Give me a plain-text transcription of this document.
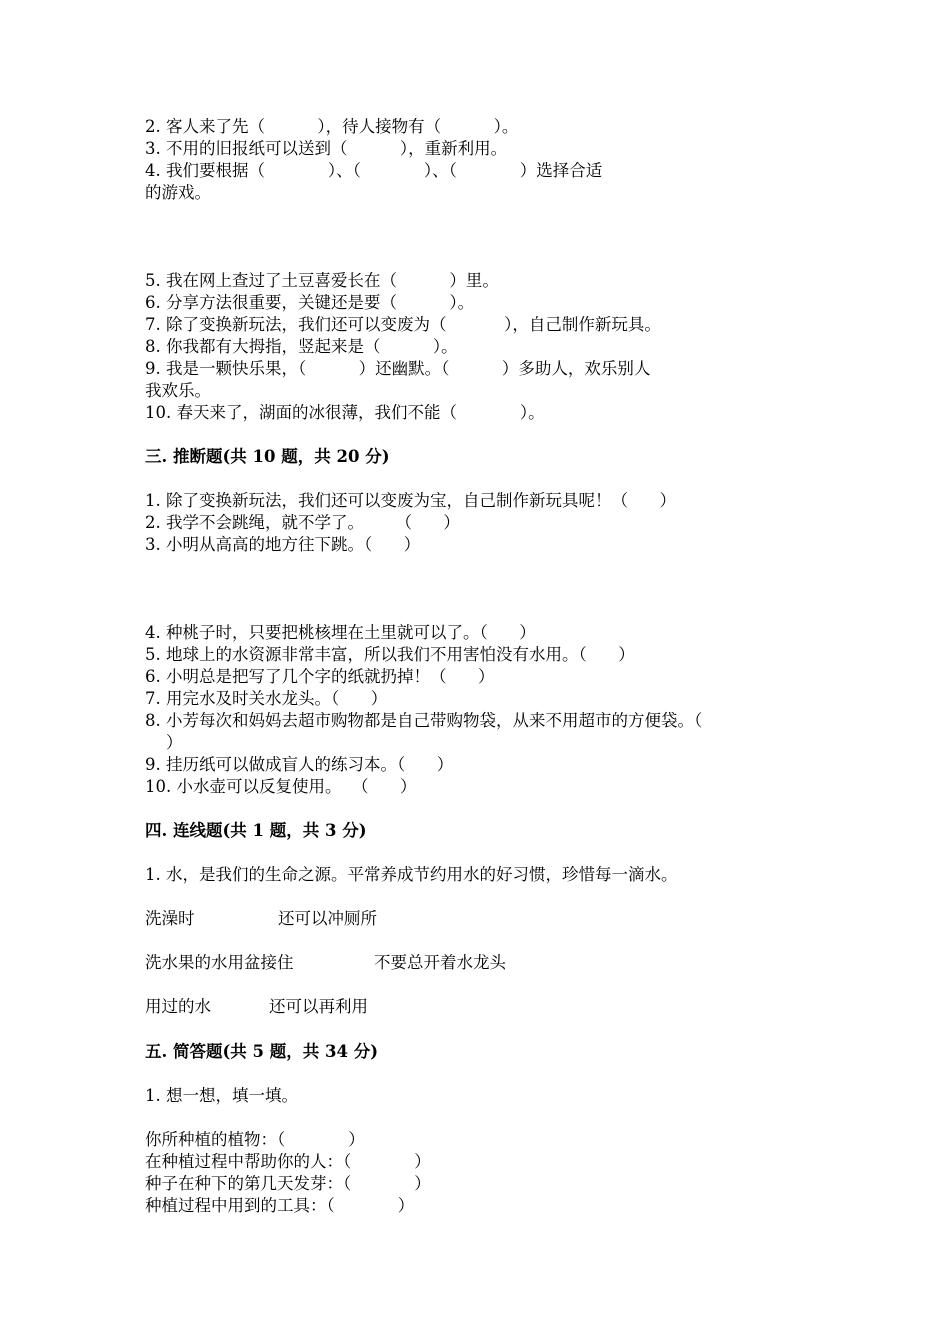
2. 客人来了先（          ），待人接物有（          ）。
3. 不用的旧报纸可以送到（          ），重新利用。
4. 我们要根据（            ）、（            ）、（            ）选择合适
的游戏。
5. 我在网上查过了土豆喜爱长在（          ）里。
6. 分享方法很重要，关键还是要（          ）。
7. 除了变换新玩法，我们还可以变废为（           ），自己制作新玩具。
8. 你我都有大拇指，竖起来是（          ）。
9. 我是一颗快乐果，（          ）还幽默。（          ）多助人，欢乐别人
我欢乐。
10. 春天来了，湖面的冰很薄，我们不能（            ）。
三. 推断题(共 10 题，共 20 分)
1. 除了变换新玩法，我们还可以变废为宝，自己制作新玩具呢！（      ）
2. 我学不会跳绳，就不学了。      （      ）
3. 小明从高高的地方往下跳。（      ）
4. 种桃子时，只要把桃核埋在土里就可以了。（      ）
5. 地球上的水资源非常丰富，所以我们不用害怕没有水用。（      ）
6. 小明总是把写了几个字的纸就扔掉！（      ）
7. 用完水及时关水龙头。（      ）
8. 小芳每次和妈妈去超市购物都是自己带购物袋，从来不用超市的方便袋。（
）
9. 挂历纸可以做成盲人的练习本。（      ）
10. 小水壶可以反复使用。  （      ）
四. 连线题(共 1 题，共 3 分)
1. 水，是我们的生命之源。平常养成节约用水的好习惯，珍惜每一滴水。
洗澡时	还可以冲厕所
洗水果的水用盆接住	不要总开着水龙头
用过的水	还可以再利用
五. 简答题(共 5 题，共 34 分)
1. 想一想，填一填。
你所种植的植物：（            ）
在种植过程中帮助你的人：（            ）
种子在种下的第几天发芽：（            ）
种植过程中用到的工具：（            ）
